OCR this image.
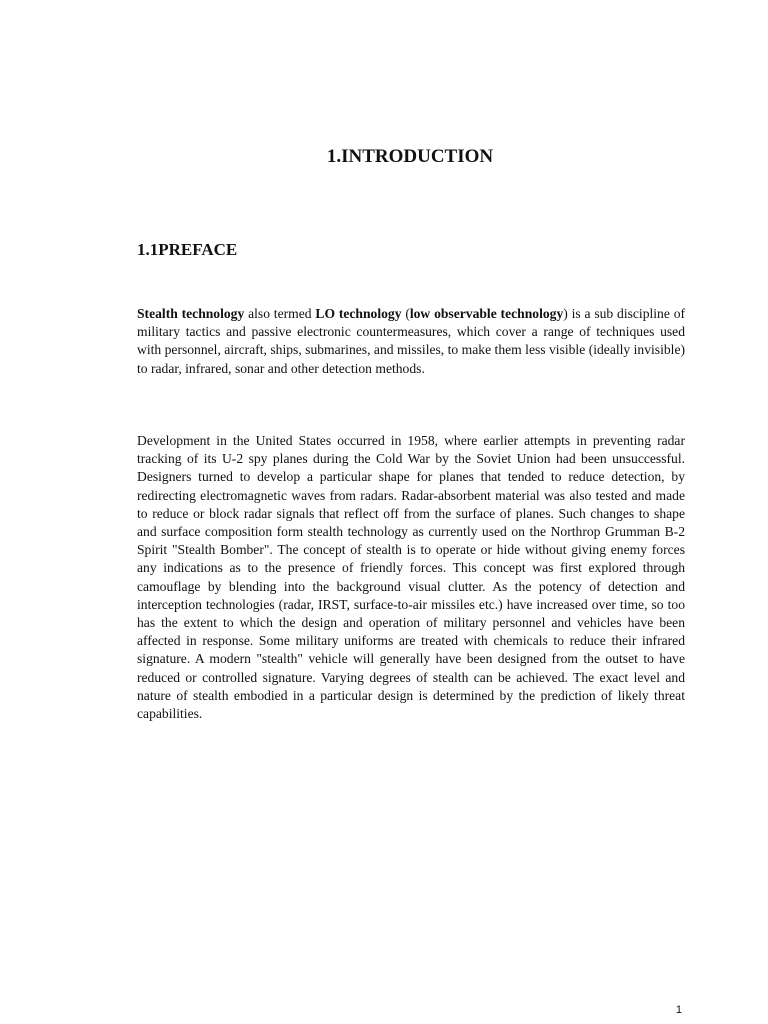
1.INTRODUCTION
1.1PREFACE

Stealth technology also termed LO technology (low observable technology) is a sub discipline of military tactics and passive electronic countermeasures, which cover a range of techniques used with personnel, aircraft, ships, submarines, and missiles, to make them less visible (ideally invisible) to radar, infrared, sonar and other detection methods.

Development in the United States occurred in 1958, where earlier attempts in preventing radar tracking of its U-2 spy planes during the Cold War by the Soviet Union had been unsuccessful. Designers turned to develop a particular shape for planes that tended to reduce detection, by redirecting electromagnetic waves from radars. Radar-absorbent material was also tested and made to reduce or block radar signals that reflect off from the surface of planes. Such changes to shape and surface composition form stealth technology as currently used on the Northrop Grumman B-2 Spirit "Stealth Bomber". The concept of stealth is to operate or hide without giving enemy forces any indications as to the presence of friendly forces. This concept was first explored through camouflage by blending into the background visual clutter. As the potency of detection and interception technologies (radar, IRST, surface-to-air missiles etc.) have increased over time, so too has the extent to which the design and operation of military personnel and vehicles have been affected in response. Some military uniforms are treated with chemicals to reduce their infrared signature. A modern "stealth" vehicle will generally have been designed from the outset to have reduced or controlled signature. Varying degrees of stealth can be achieved. The exact level and nature of stealth embodied in a particular design is determined by the prediction of likely threat capabilities.

1
